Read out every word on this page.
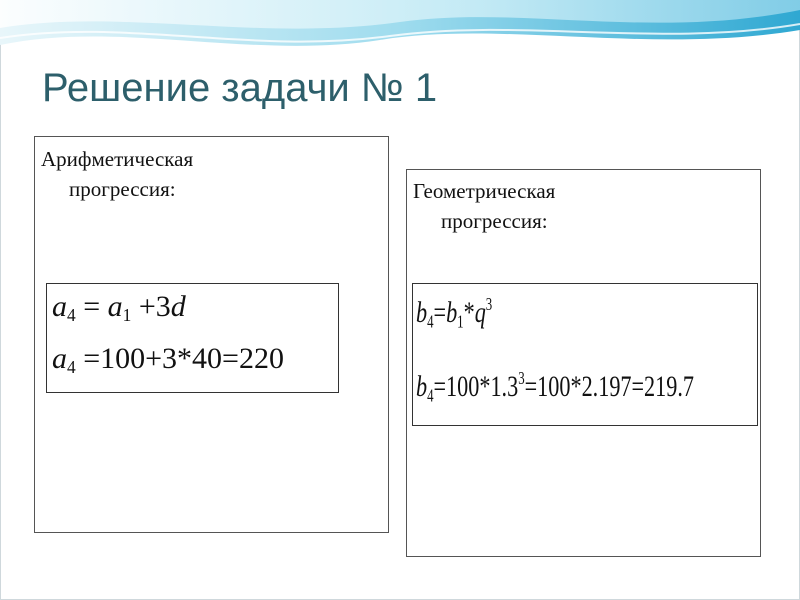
Решение задачи № 1
Арифметическая
прогрессия:
$a_4 = a_1 +3d$
$a_4 =100+3*40=220$
Геометрическая
прогрессия:
$b_4=b_1*q^3$
$b_4=100*1.3^3=100*2.197=219.7$
